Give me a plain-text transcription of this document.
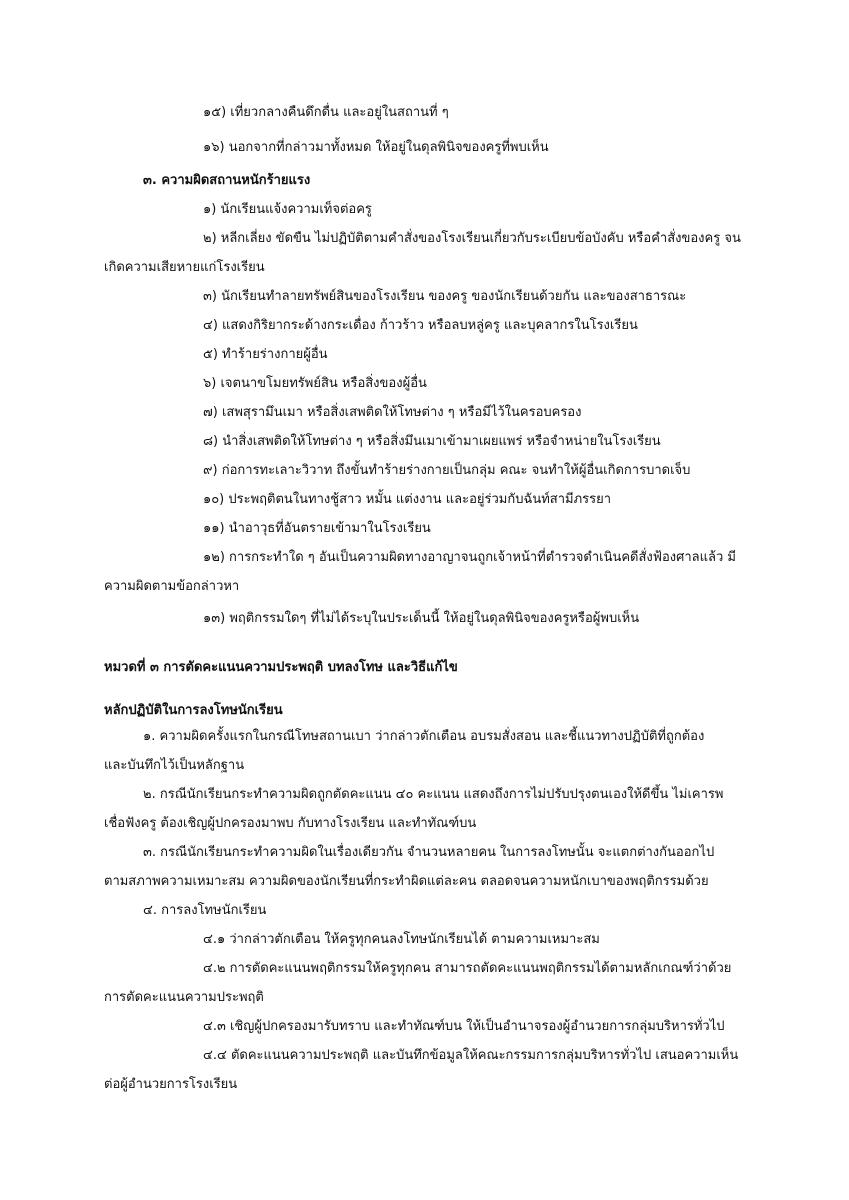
๑๕) เที่ยวกลางคืนดึกดื่น และอยู่ในสถานที่ ๆ
๑๖) นอกจากที่กล่าวมาทั้งหมด ให้อยู่ในดุลพินิจของครูที่พบเห็น
๓. ความผิดสถานหนักร้ายแรง
๑) นักเรียนแจ้งความเท็จต่อครู
๒) หลีกเลี่ยง ขัดขืน ไม่ปฏิบัติตามคำสั่งของโรงเรียนเกี่ยวกับระเบียบข้อบังคับ หรือคำสั่งของครู จน
เกิดความเสียหายแก่โรงเรียน
๓) นักเรียนทำลายทรัพย์สินของโรงเรียน ของครู ของนักเรียนด้วยกัน และของสาธารณะ
๔) แสดงกิริยากระด้างกระเดื่อง ก้าวร้าว หรือลบหลู่ครู และบุคลากรในโรงเรียน
๕) ทำร้ายร่างกายผู้อื่น
๖) เจตนาขโมยทรัพย์สิน หรือสิ่งของผู้อื่น
๗) เสพสุรามึนเมา หรือสิ่งเสพติดให้โทษต่าง ๆ หรือมีไว้ในครอบครอง
๘) นำสิ่งเสพติดให้โทษต่าง ๆ หรือสิ่งมึนเมาเข้ามาเผยแพร่ หรือจำหน่ายในโรงเรียน
๙) ก่อการทะเลาะวิวาท ถึงขั้นทำร้ายร่างกายเป็นกลุ่ม คณะ จนทำให้ผู้อื่นเกิดการบาดเจ็บ
๑๐) ประพฤติตนในทางชู้สาว หมั้น แต่งงาน และอยู่ร่วมกับฉันท์สามีภรรยา
๑๑) นำอาวุธที่อันตรายเข้ามาในโรงเรียน
๑๒) การกระทำใด ๆ อันเป็นความผิดทางอาญาจนถูกเจ้าหน้าที่ตำรวจดำเนินคดีสั่งฟ้องศาลแล้ว มี
ความผิดตามข้อกล่าวหา
๑๓) พฤติกรรมใดๆ ที่ไม่ได้ระบุในประเด็นนี้ ให้อยู่ในดุลพินิจของครูหรือผู้พบเห็น
หมวดที่ ๓ การตัดคะแนนความประพฤติ บทลงโทษ และวิธีแก้ไข
หลักปฏิบัติในการลงโทษนักเรียน
๑. ความผิดครั้งแรกในกรณีโทษสถานเบา ว่ากล่าวตักเตือน อบรมสั่งสอน และชี้แนวทางปฏิบัติที่ถูกต้อง
และบันทึกไว้เป็นหลักฐาน
๒. กรณีนักเรียนกระทำความผิดถูกตัดคะแนน ๔๐ คะแนน แสดงถึงการไม่ปรับปรุงตนเองให้ดีขึ้น ไม่เคารพ
เชื่อฟังครู ต้องเชิญผู้ปกครองมาพบ กับทางโรงเรียน และทำทัณฑ์บน
๓. กรณีนักเรียนกระทำความผิดในเรื่องเดียวกัน จำนวนหลายคน ในการลงโทษนั้น จะแตกต่างกันออกไป
ตามสภาพความเหมาะสม ความผิดของนักเรียนที่กระทำผิดแต่ละคน ตลอดจนความหนักเบาของพฤติกรรมด้วย
๔. การลงโทษนักเรียน
๔.๑ ว่ากล่าวตักเตือน ให้ครูทุกคนลงโทษนักเรียนได้ ตามความเหมาะสม
๔.๒ การตัดคะแนนพฤติกรรมให้ครูทุกคน สามารถตัดคะแนนพฤติกรรมได้ตามหลักเกณฑ์ว่าด้วย
การตัดคะแนนความประพฤติ
๔.๓ เชิญผู้ปกครองมารับทราบ และทำทัณฑ์บน ให้เป็นอำนาจรองผู้อำนวยการกลุ่มบริหารทั่วไป
๔.๔ ตัดคะแนนความประพฤติ และบันทึกข้อมูลให้คณะกรรมการกลุ่มบริหารทั่วไป เสนอความเห็น
ต่อผู้อำนวยการโรงเรียน
